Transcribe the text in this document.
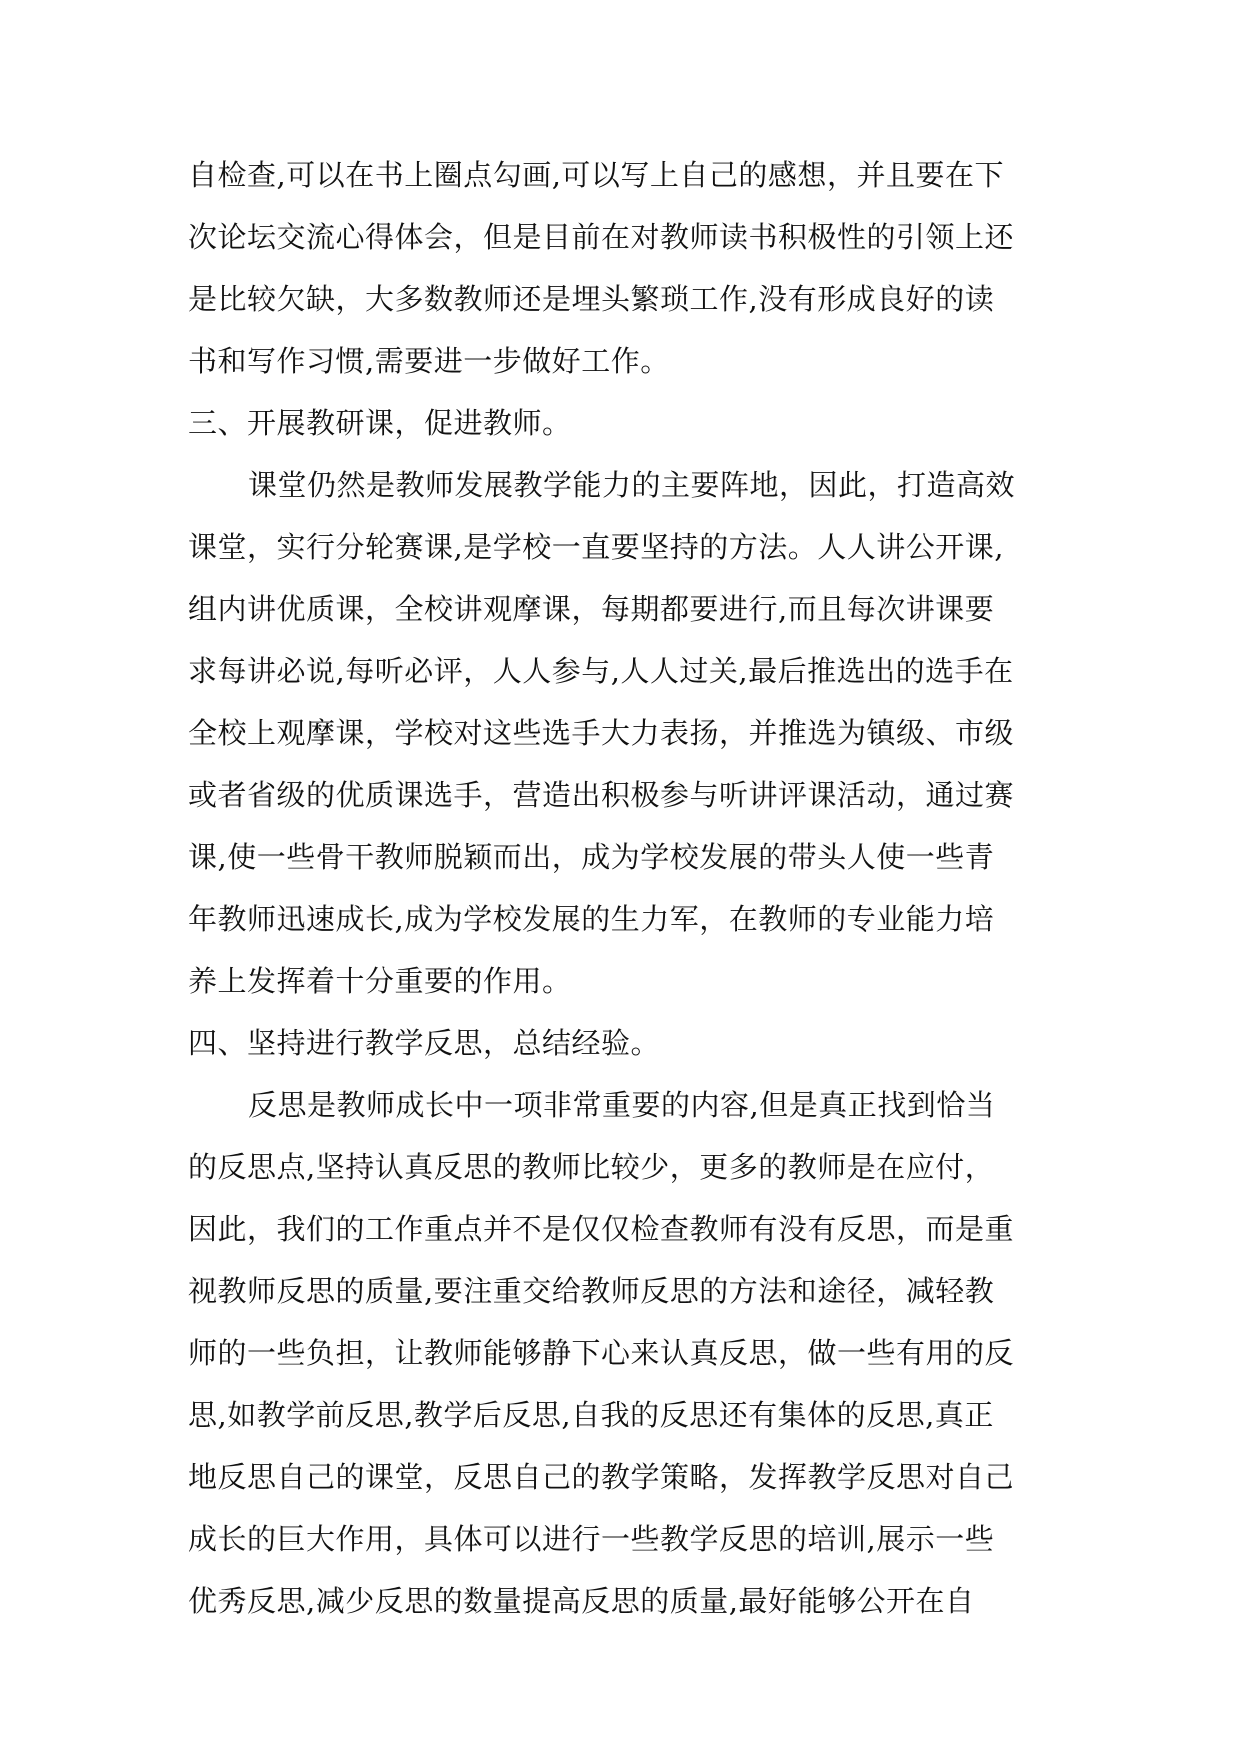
自检查,可以在书上圈点勾画,可以写上自己的感想，并且要在下
次论坛交流心得体会，但是目前在对教师读书积极性的引领上还
是比较欠缺，大多数教师还是埋头繁琐工作,没有形成良好的读
书和写作习惯,需要进一步做好工作。
三、开展教研课，促进教师。
课堂仍然是教师发展教学能力的主要阵地，因此，打造高效
课堂，实行分轮赛课,是学校一直要坚持的方法。人人讲公开课,
组内讲优质课，全校讲观摩课，每期都要进行,而且每次讲课要
求每讲必说,每听必评，人人参与,人人过关,最后推选出的选手在
全校上观摩课，学校对这些选手大力表扬，并推选为镇级、市级
或者省级的优质课选手，营造出积极参与听讲评课活动，通过赛
课,使一些骨干教师脱颖而出，成为学校发展的带头人使一些青
年教师迅速成长,成为学校发展的生力军，在教师的专业能力培
养上发挥着十分重要的作用。
四、坚持进行教学反思，总结经验。
反思是教师成长中一项非常重要的内容,但是真正找到恰当
的反思点,坚持认真反思的教师比较少，更多的教师是在应付，
因此，我们的工作重点并不是仅仅检查教师有没有反思，而是重
视教师反思的质量,要注重交给教师反思的方法和途径，减轻教
师的一些负担，让教师能够静下心来认真反思，做一些有用的反
思,如教学前反思,教学后反思,自我的反思还有集体的反思,真正
地反思自己的课堂，反思自己的教学策略，发挥教学反思对自己
成长的巨大作用，具体可以进行一些教学反思的培训,展示一些
优秀反思,减少反思的数量提高反思的质量,最好能够公开在自
